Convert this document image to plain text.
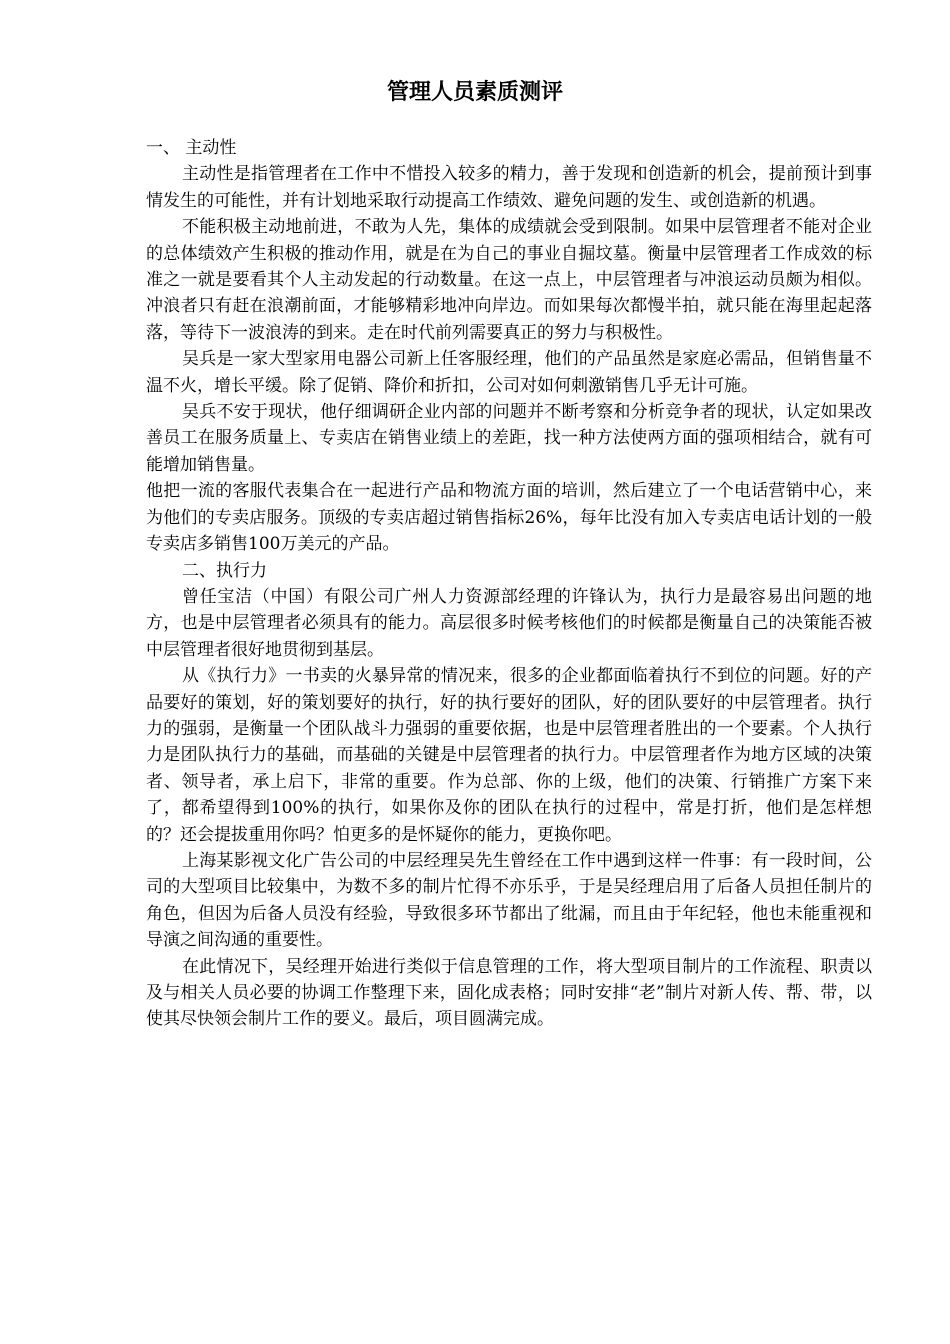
管理人员素质测评

一、 主动性

主动性是指管理者在工作中不惜投入较多的精力，善于发现和创造新的机会，提前预计到事情发生的可能性，并有计划地采取行动提高工作绩效、避免问题的发生、或创造新的机遇。

不能积极主动地前进，不敢为人先，集体的成绩就会受到限制。如果中层管理者不能对企业的总体绩效产生积极的推动作用，就是在为自己的事业自掘坟墓。衡量中层管理者工作成效的标准之一就是要看其个人主动发起的行动数量。在这一点上，中层管理者与冲浪运动员颇为相似。冲浪者只有赶在浪潮前面，才能够精彩地冲向岸边。而如果每次都慢半拍，就只能在海里起起落落，等待下一波浪涛的到来。走在时代前列需要真正的努力与积极性。

吴兵是一家大型家用电器公司新上任客服经理，他们的产品虽然是家庭必需品，但销售量不温不火，增长平缓。除了促销、降价和折扣，公司对如何刺激销售几乎无计可施。

吴兵不安于现状，他仔细调研企业内部的问题并不断考察和分析竞争者的现状，认定如果改善员工在服务质量上、专卖店在销售业绩上的差距，找一种方法使两方面的强项相结合，就有可能增加销售量。

他把一流的客服代表集合在一起进行产品和物流方面的培训，然后建立了一个电话营销中心，来为他们的专卖店服务。顶级的专卖店超过销售指标26%，每年比没有加入专卖店电话计划的一般专卖店多销售100万美元的产品。

二、执行力

曾任宝洁（中国）有限公司广州人力资源部经理的许锋认为，执行力是最容易出问题的地方，也是中层管理者必须具有的能力。高层很多时候考核他们的时候都是衡量自己的决策能否被中层管理者很好地贯彻到基层。

从《执行力》一书卖的火暴异常的情况来，很多的企业都面临着执行不到位的问题。好的产品要好的策划，好的策划要好的执行，好的执行要好的团队，好的团队要好的中层管理者。执行力的强弱，是衡量一个团队战斗力强弱的重要依据，也是中层管理者胜出的一个要素。个人执行力是团队执行力的基础，而基础的关键是中层管理者的执行力。中层管理者作为地方区域的决策者、领导者，承上启下，非常的重要。作为总部、你的上级，他们的决策、行销推广方案下来了，都希望得到100%的执行，如果你及你的团队在执行的过程中，常是打折，他们是怎样想的？还会提拔重用你吗？怕更多的是怀疑你的能力，更换你吧。

上海某影视文化广告公司的中层经理吴先生曾经在工作中遇到这样一件事：有一段时间，公司的大型项目比较集中，为数不多的制片忙得不亦乐乎，于是吴经理启用了后备人员担任制片的角色，但因为后备人员没有经验，导致很多环节都出了纰漏，而且由于年纪轻，他也未能重视和导演之间沟通的重要性。

在此情况下，吴经理开始进行类似于信息管理的工作，将大型项目制片的工作流程、职责以及与相关人员必要的协调工作整理下来，固化成表格；同时安排“老”制片对新人传、帮、带，以使其尽快领会制片工作的要义。最后，项目圆满完成。
